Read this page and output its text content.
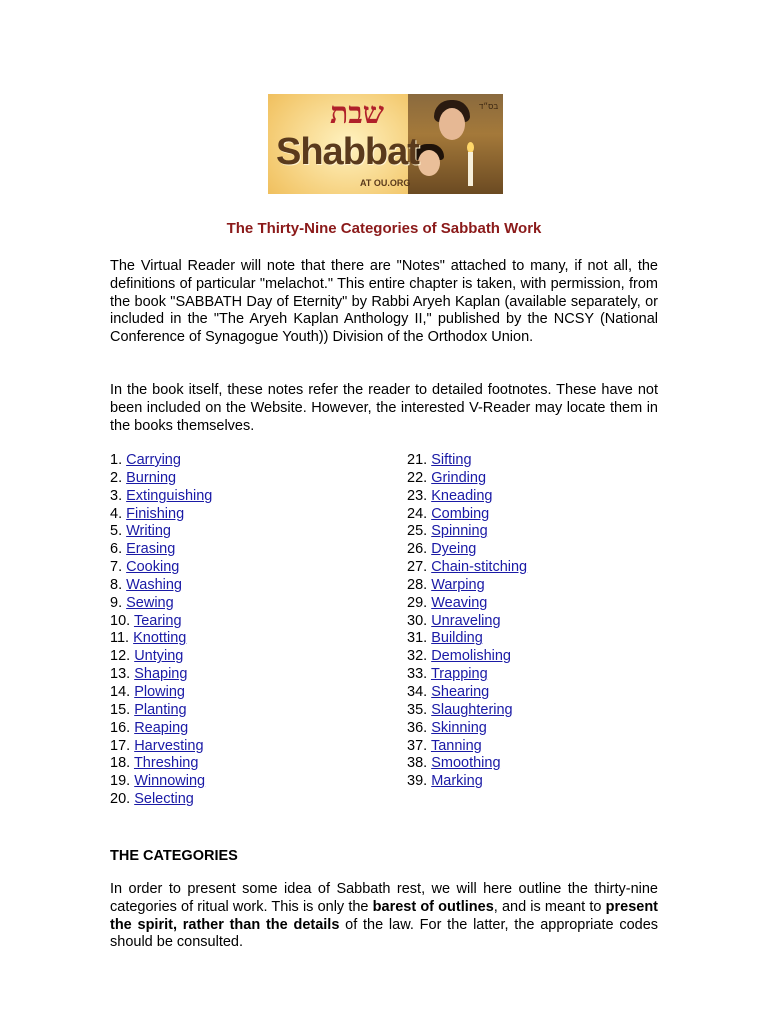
שבת
Shabbat
AT OU.ORG
בס״ד
The Thirty-Nine Categories of Sabbath Work

The Virtual Reader will note that there are "Notes" attached to many, if not all, the definitions of particular "melachot." This entire chapter is taken, with permission, from the book "SABBATH Day of Eternity" by Rabbi Aryeh Kaplan (available separately, or included in the "The Aryeh Kaplan Anthology II," published by the NCSY (National Conference of Synagogue Youth)) Division of the Orthodox Union.

In the book itself, these notes refer the reader to detailed footnotes. These have not been included on the Website. However, the interested V-Reader may locate them in the books themselves.

1. Carrying
2. Burning
3. Extinguishing
4. Finishing
5. Writing
6. Erasing
7. Cooking
8. Washing
9. Sewing
10. Tearing
11. Knotting
12. Untying
13. Shaping
14. Plowing
15. Planting
16. Reaping
17. Harvesting
18. Threshing
19. Winnowing
20. Selecting
21. Sifting
22. Grinding
23. Kneading
24. Combing
25. Spinning
26. Dyeing
27. Chain-stitching
28. Warping
29. Weaving
30. Unraveling
31. Building
32. Demolishing
33. Trapping
34. Shearing
35. Slaughtering
36. Skinning
37. Tanning
38. Smoothing
39. Marking
THE CATEGORIES

In order to present some idea of Sabbath rest, we will here outline the thirty-nine categories of ritual work. This is only the barest of outlines, and is meant to present the spirit, rather than the details of the law. For the latter, the appropriate codes should be consulted.
